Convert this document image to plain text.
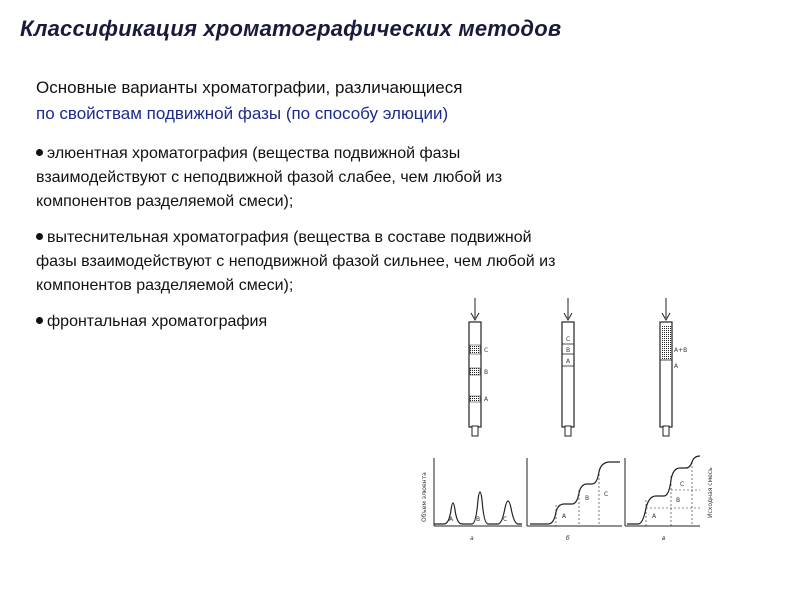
Классификация хроматографических методов
Основные варианты хроматографии, различающиеся
по свойствам подвижной фазы (по способу элюции)
элюентная хроматография (вещества подвижной фазы
взаимодействуют с неподвижной фазой слабее, чем любой из
компонентов разделяемой смеси);
вытеснительная хроматография (вещества в составе подвижной
фазы взаимодействуют с неподвижной фазой сильнее, чем любой из
компонентов разделяемой смеси);
фронтальная хроматография
C
B
A
C
B
A
A+B
A
A	B	C
Объем элюента
а
A
B
C
б
A
B
C	Исходная смесь
в
